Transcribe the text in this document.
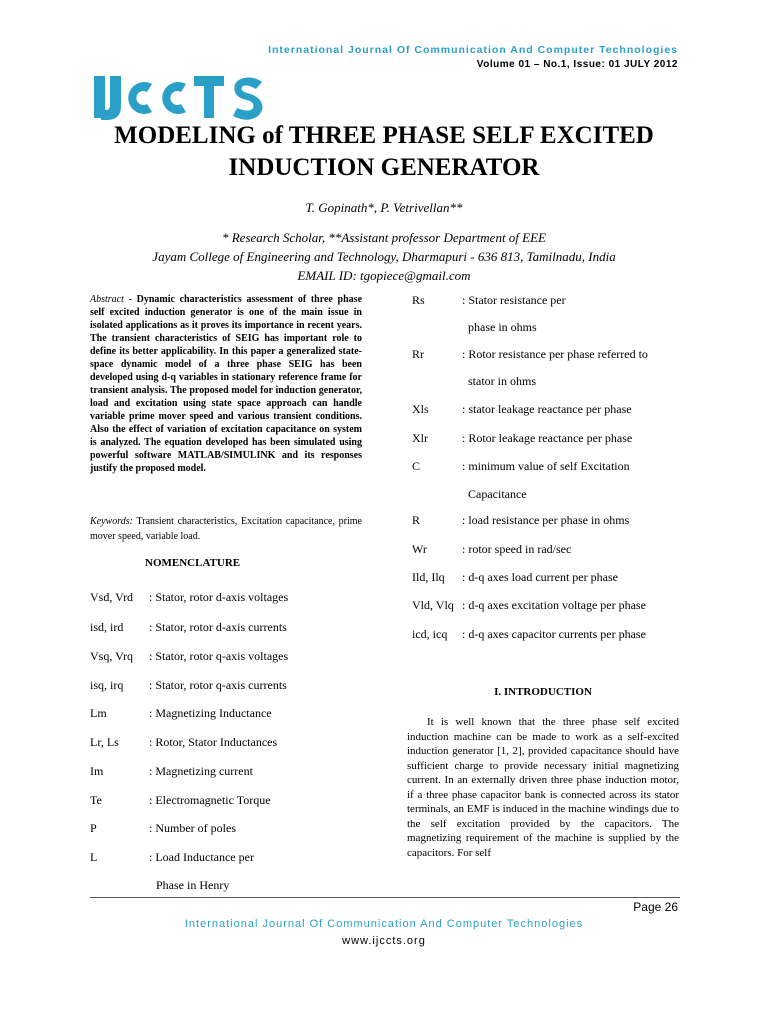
International Journal Of Communication And Computer Technologies
Volume 01 – No.1, Issue: 01 JULY 2012
MODELING of THREE PHASE SELF EXCITED
INDUCTION GENERATOR
T. Gopinath*, P. Vetrivellan**
* Research Scholar, **Assistant professor Department of EEE
Jayam College of Engineering and Technology, Dharmapuri - 636 813, Tamilnadu, India
EMAIL ID: tgopiece@gmail.com
Abstract - Dynamic characteristics assessment of three phase self excited induction generator is one of the main issue in isolated applications as it proves its importance in recent years. The transient characteristics of SEIG has important role to define its better applicability. In this paper a generalized state-space dynamic model of a three phase SEIG has been developed using d-q variables in stationary reference frame for transient analysis. The proposed model for induction generator, load and excitation using state space approach can handle variable prime mover speed and various transient conditions. Also the effect of variation of excitation capacitance on system is analyzed. The equation developed has been simulated using powerful software MATLAB/SIMULINK and its responses justify the proposed model.
Keywords: Transient characteristics, Excitation capacitance, prime mover speed, variable load.
NOMENCLATURE
Vsd, Vrd : Stator, rotor d-axis voltages
isd, ird : Stator, rotor d-axis currents
Vsq, Vrq : Stator, rotor q-axis voltages
isq, irq : Stator, rotor q-axis currents
Lm	: Magnetizing Inductance
Lr, Ls	: Rotor, Stator Inductances
Im	: Magnetizing current
Te	: Electromagnetic Torque
P	: Number of poles
L	: Load Inductance per
Phase in Henry
Rs	: Stator resistance per
phase in ohms
Rr	: Rotor resistance per phase referred to
stator in ohms
Xls	: stator leakage reactance per phase
Xlr	: Rotor leakage reactance per phase
C	: minimum value of self Excitation
Capacitance
R	: load resistance per phase in ohms
Wr	: rotor speed in rad/sec
Ild, Ilq : d-q axes load current per phase
Vld, Vlq : d-q axes excitation voltage per phase
icd, icq : d-q axes capacitor currents per phase
I. INTRODUCTION
It is well known that the three phase self excited induction machine can be made to work as a self-excited induction generator [1, 2], provided capacitance should have sufficient charge to provide necessary initial magnetizing current. In an externally driven three phase induction motor, if a three phase capacitor bank is connected across its stator terminals, an EMF is induced in the machine windings due to the self excitation provided by the capacitors. The magnetizing requirement of the machine is supplied by the capacitors. For self
Page 26
International Journal Of Communication And Computer Technologies
www.ijccts.org
